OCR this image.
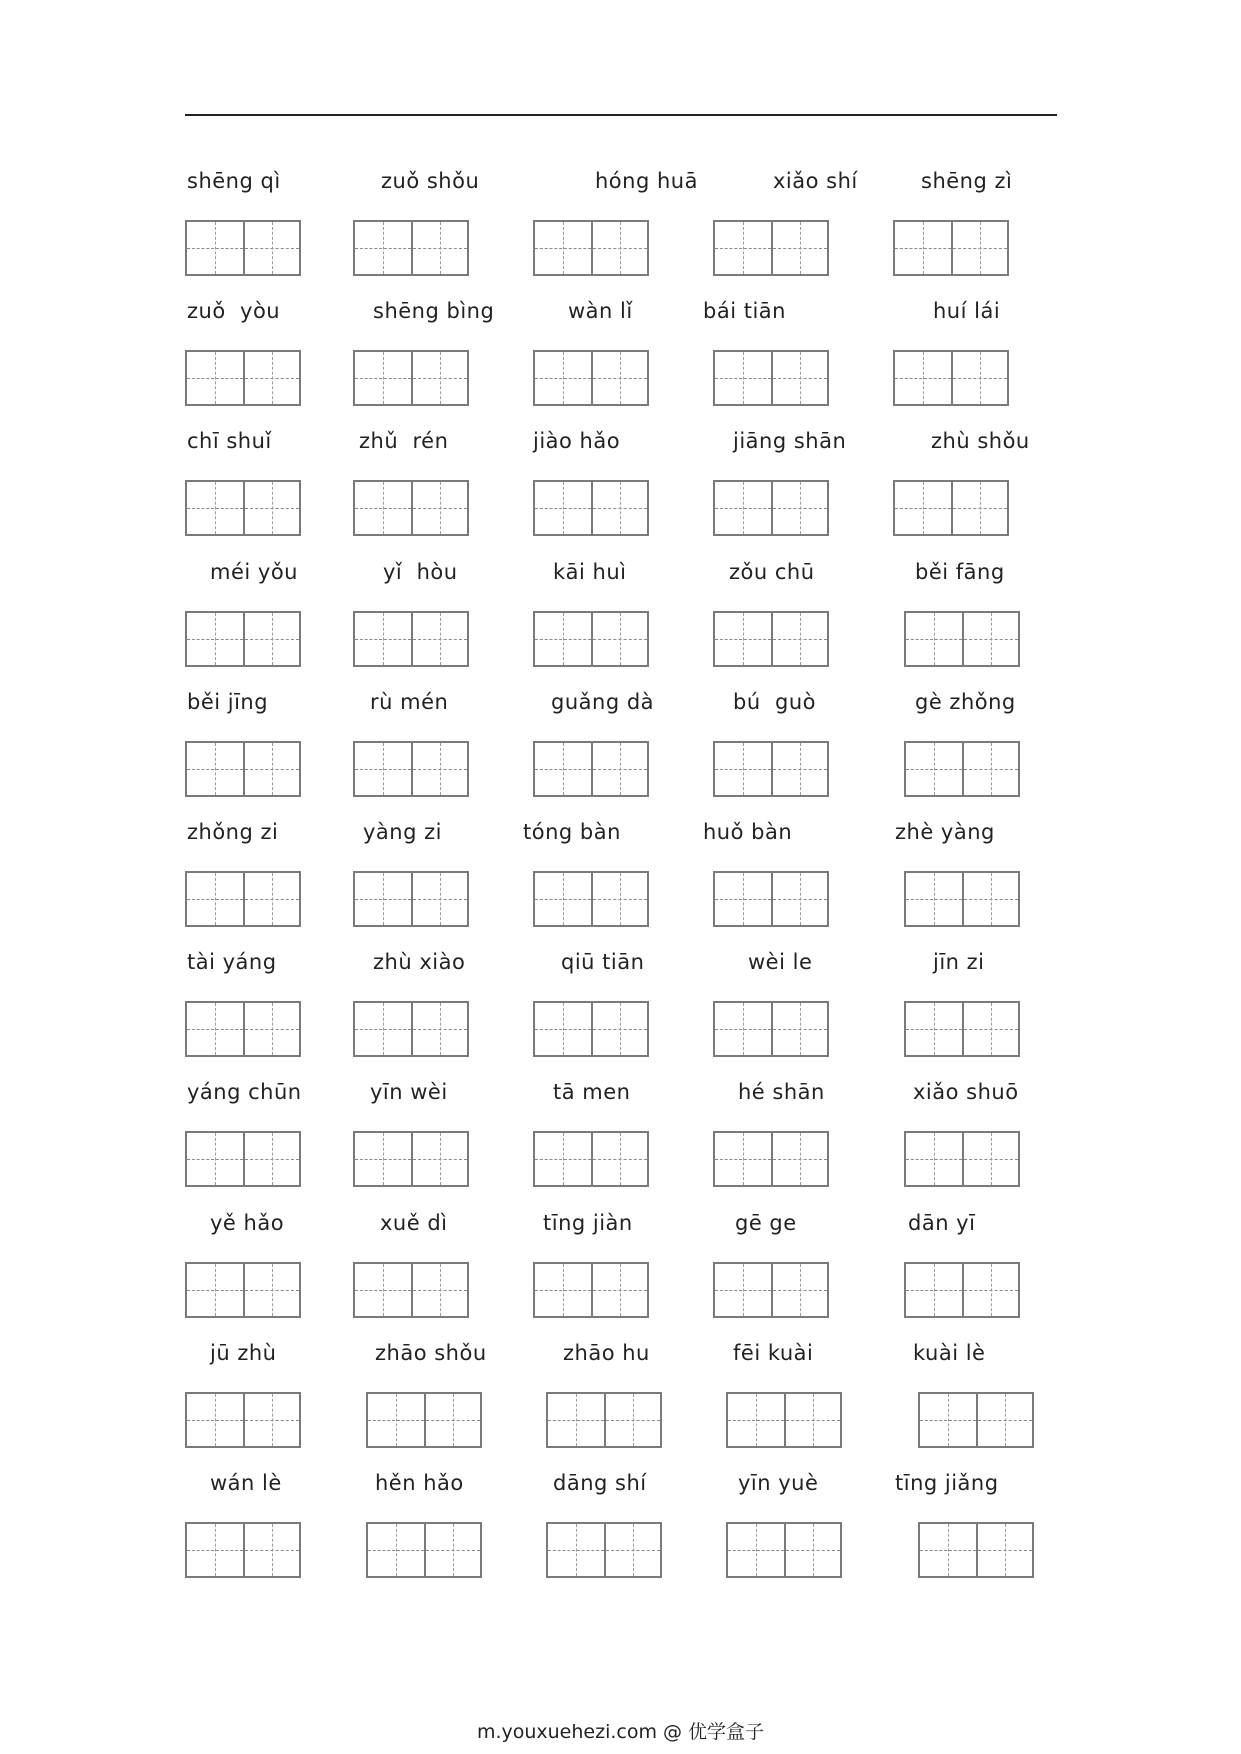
shēng qì	zuǒ shǒu	hóng huā	xiǎo shí	shēng zì
zuǒ  yòu	shēng bìng	wàn lǐ	bái tiān	huí lái
chī shuǐ	zhǔ  rén	jiào hǎo	jiāng shān	zhù shǒu
méi yǒu	yǐ  hòu	kāi huì	zǒu chū	běi fāng
běi jīng	rù mén	guǎng dà	bú  guò	gè zhǒng
zhǒng zi	yàng zi	tóng bàn	huǒ bàn	zhè yàng
tài yáng	zhù xiào	qiū tiān	wèi le	jīn zi
yáng chūn	yīn wèi	tā men	hé shān	xiǎo shuō
yě hǎo	xuě dì	tīng jiàn	gē ge	dān yī
jū zhù	zhāo shǒu	zhāo hu	fēi kuài	kuài lè
wán lè	hěn hǎo	dāng shí	yīn yuè	tīng jiǎng
m.youxuehezi.com @ 优学盒子
